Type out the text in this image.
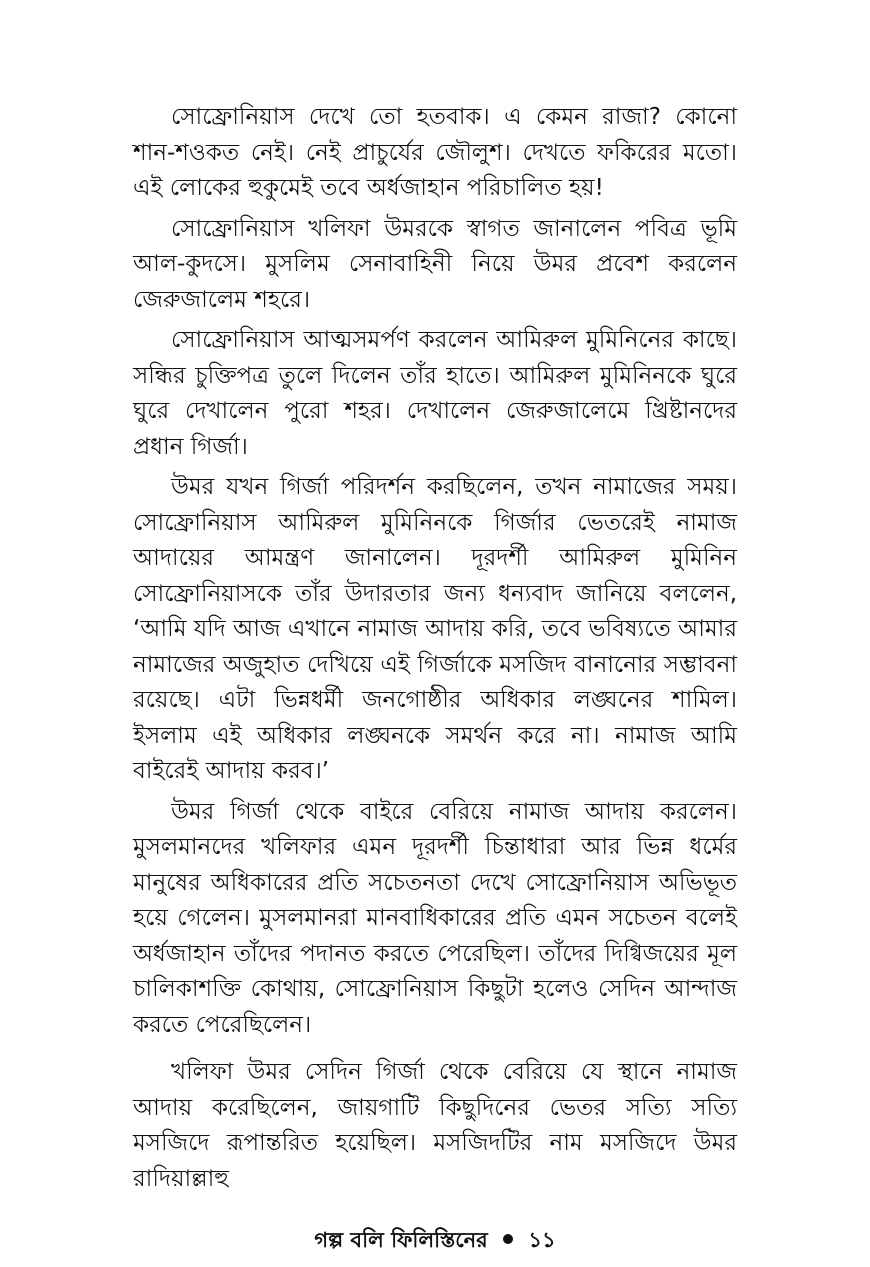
সোফ্রোনিয়াস দেখে তো হতবাক। এ কেমন রাজা? কোনো শান-শওকত নেই। নেই প্রাচুর্যের জৌলুশ। দেখতে ফকিরের মতো। এই লোকের হুকুমেই তবে অর্ধজাহান পরিচালিত হয়!

সোফ্রোনিয়াস খলিফা উমরকে স্বাগত জানালেন পবিত্র ভূমি আল-কুদসে। মুসলিম সেনাবাহিনী নিয়ে উমর প্রবেশ করলেন জেরুজালেম শহরে।

সোফ্রোনিয়াস আত্মসমর্পণ করলেন আমিরুল মুমিনিনের কাছে। সন্ধির চুক্তিপত্র তুলে দিলেন তাঁর হাতে। আমিরুল মুমিনিনকে ঘুরে ঘুরে দেখালেন পুরো শহর। দেখালেন জেরুজালেমে খ্রিষ্টানদের প্রধান গির্জা।

উমর যখন গির্জা পরিদর্শন করছিলেন, তখন নামাজের সময়। সোফ্রোনিয়াস আমিরুল মুমিনিনকে গির্জার ভেতরেই নামাজ আদায়ের আমন্ত্রণ জানালেন। দূরদর্শী আমিরুল মুমিনিন সোফ্রোনিয়াসকে তাঁর উদারতার জন্য ধন্যবাদ জানিয়ে বললেন, ‘আমি যদি আজ এখানে নামাজ আদায় করি, তবে ভবিষ্যতে আমার নামাজের অজুহাত দেখিয়ে এই গির্জাকে মসজিদ বানানোর সম্ভাবনা রয়েছে। এটা ভিন্নধর্মী জনগোষ্ঠীর অধিকার লঙ্ঘনের শামিল। ইসলাম এই অধিকার লঙ্ঘনকে সমর্থন করে না। নামাজ আমি বাইরেই আদায় করব।’

উমর গির্জা থেকে বাইরে বেরিয়ে নামাজ আদায় করলেন। মুসলমানদের খলিফার এমন দূরদর্শী চিন্তাধারা আর ভিন্ন ধর্মের মানুষের অধিকারের প্রতি সচেতনতা দেখে সোফ্রোনিয়াস অভিভূত হয়ে গেলেন। মুসলমানরা মানবাধিকারের প্রতি এমন সচেতন বলেই অর্ধজাহান তাঁদের পদানত করতে পেরেছিল। তাঁদের দিগ্বিজয়ের মূল চালিকাশক্তি কোথায়, সোফ্রোনিয়াস কিছুটা হলেও সেদিন আন্দাজ করতে পেরেছিলেন।

খলিফা উমর সেদিন গির্জা থেকে বেরিয়ে যে স্থানে নামাজ আদায় করেছিলেন, জায়গাটি কিছুদিনের ভেতর সত্যি সত্যি মসজিদে রূপান্তরিত হয়েছিল। মসজিদটির নাম মসজিদে উমর রাদিয়াল্লাহু

গল্প বলি ফিলিস্তিনের ১১
